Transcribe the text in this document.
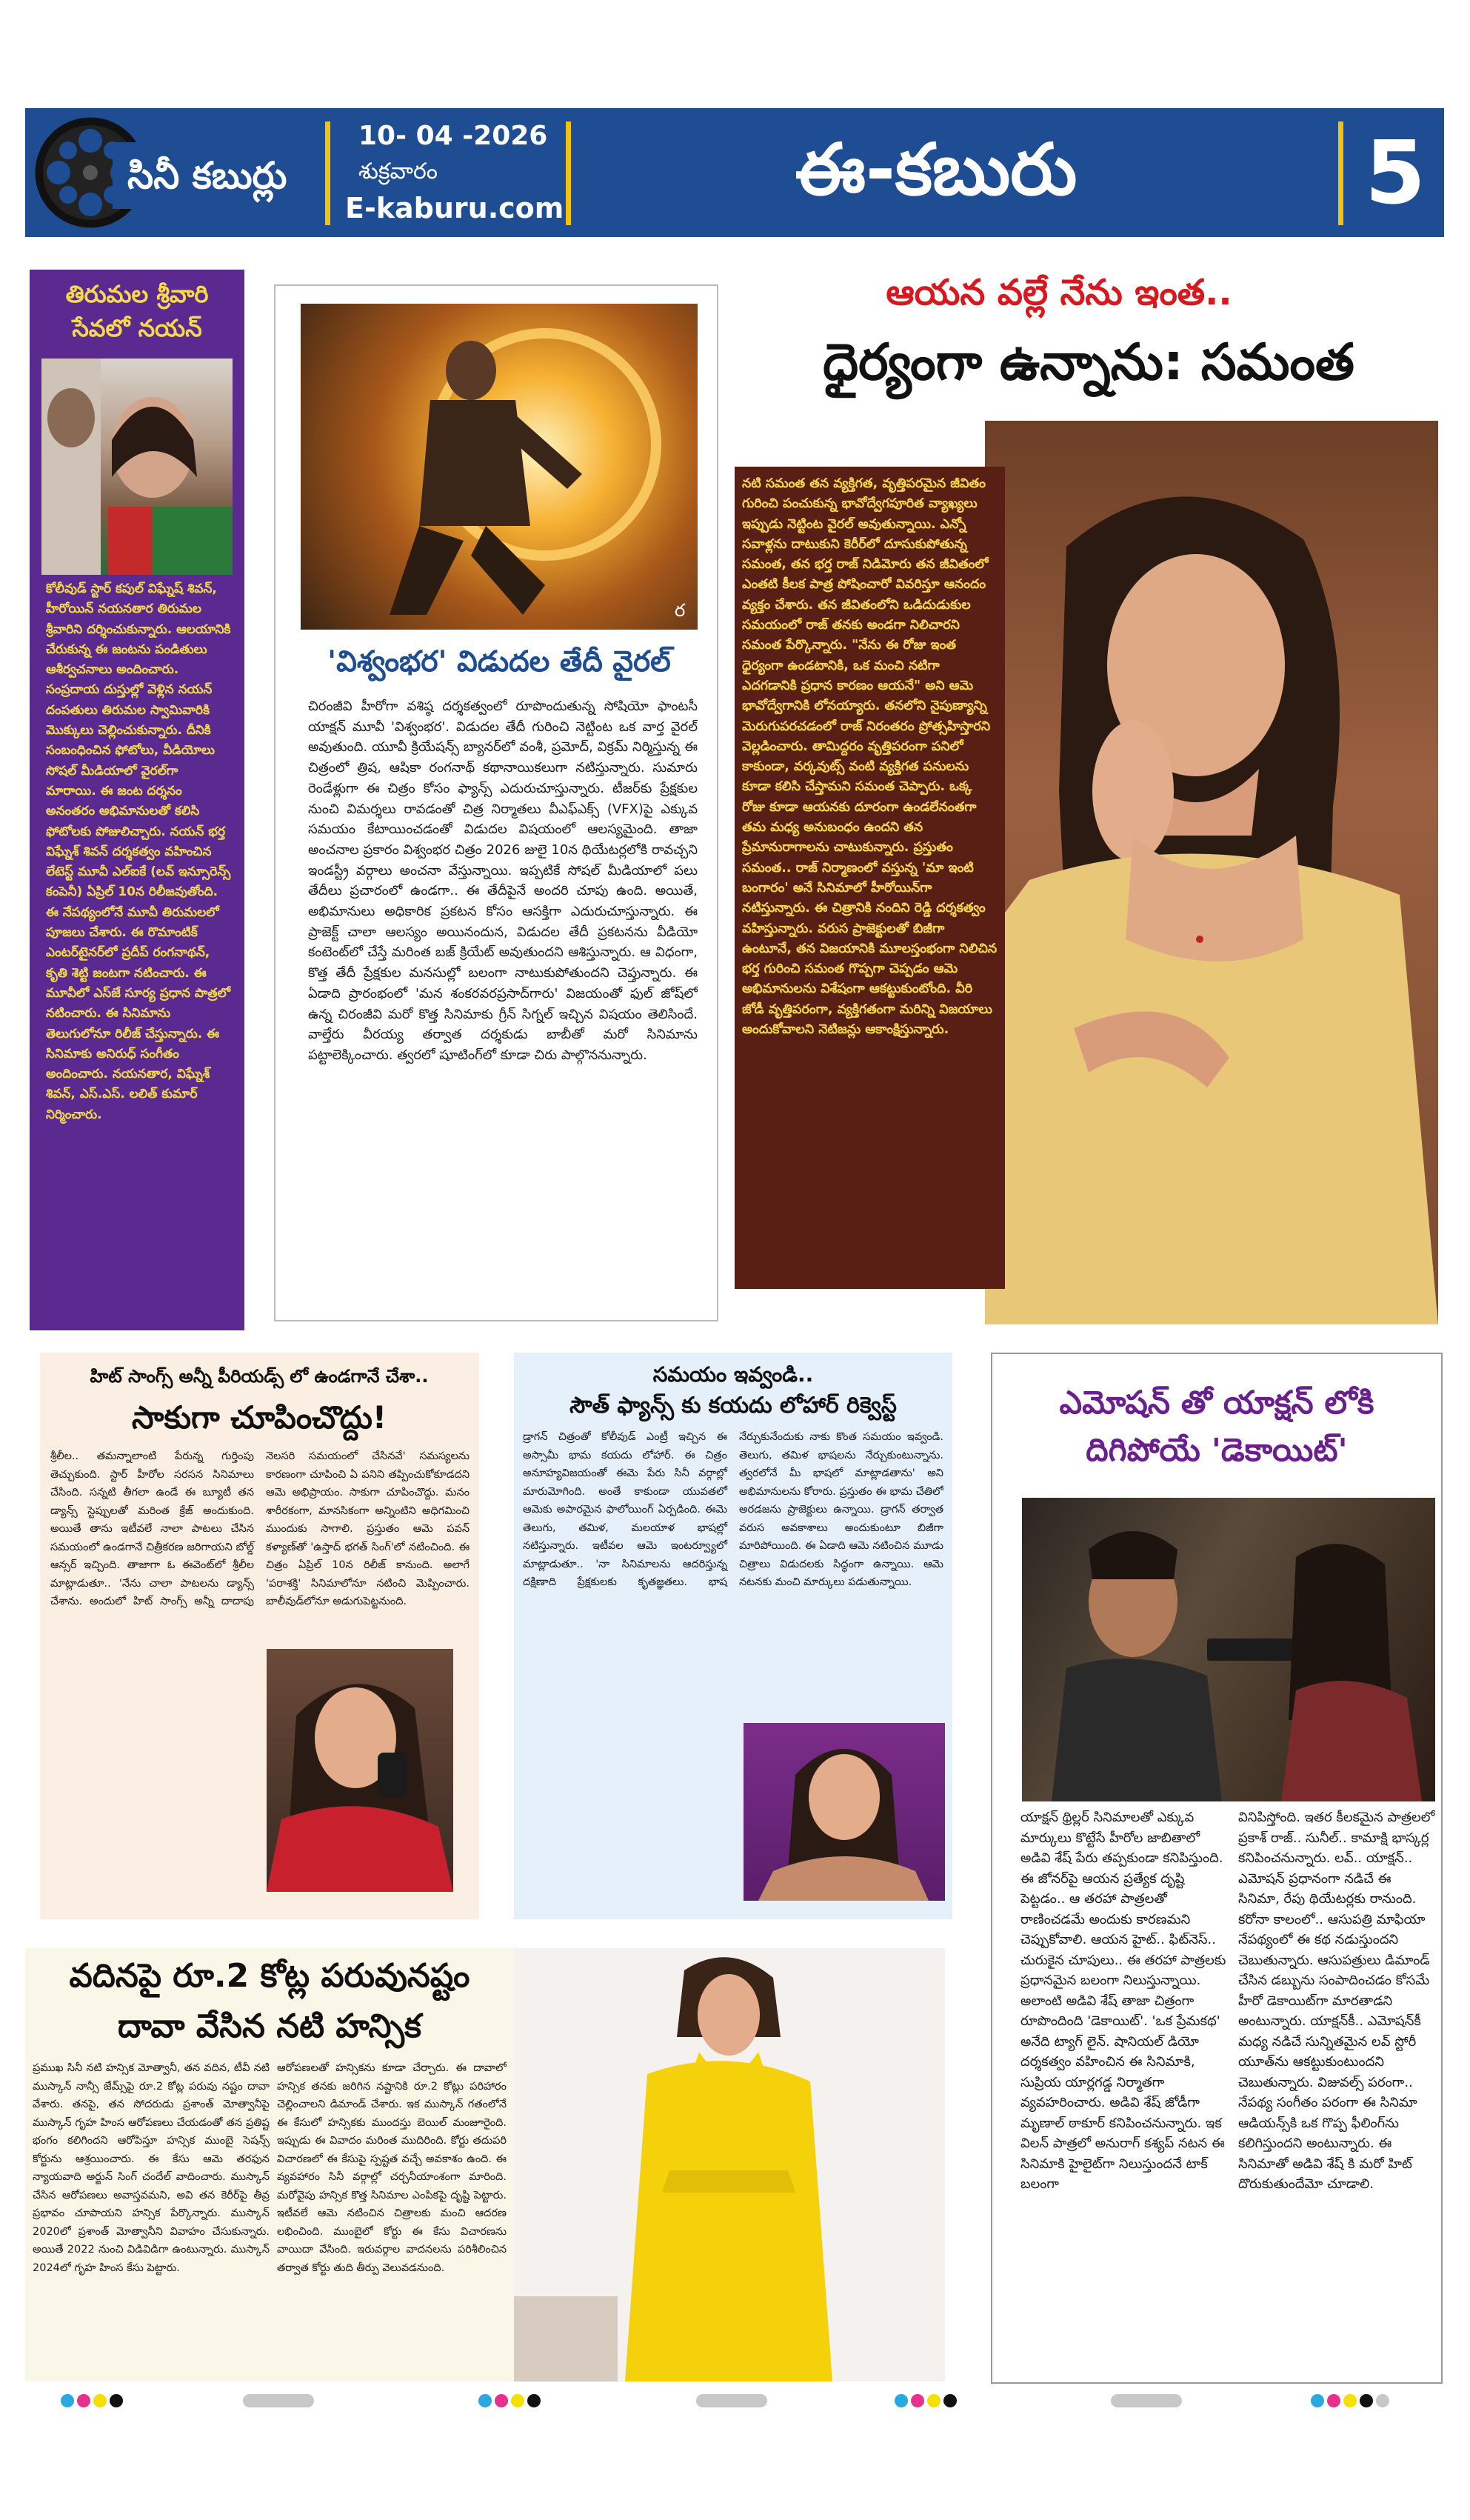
సినీ కబుర్లు
10- 04 -2026
శుక్రవారం
E-kaburu.com	ఈ-కబురు	5
తిరుమల శ్రీవారి
సేవలో నయన్

కోలీవుడ్ స్టార్ కపుల్ విఘ్నేష్ శివన్, హీరోయిన్ నయనతార తిరుమల శ్రీవారిని దర్శించుకున్నారు. ఆలయానికి చేరుకున్న ఈ జంటను పండితులు ఆశీర్వచనాలు అందించారు. సంప్రదాయ దుస్తుల్లో వెళ్లిన నయన్ దంపతులు తిరుమల స్వామివారికి మొక్కులు చెల్లించుకున్నారు. దీనికి సంబంధించిన ఫోటోలు, వీడియోలు సోషల్ మీడియాలో వైరల్‌గా మారాయి. ఈ జంట దర్శనం అనంతరం అభిమానులతో కలిసి ఫోటోలకు పోజులిచ్చారు. నయన్ భర్త విఘ్నేశ్ శివన్ దర్శకత్వం వహించిన లేటెస్ట్ మూవీ ఎల్ఐకే (లవ్ ఇన్సూరెన్స్ కంపెనీ) ఏప్రిల్ 10న రిలీజవుతోంది. ఈ నేపథ్యంలోనే మూవీ తిరుమలలో పూజలు చేశారు. ఈ రొమాంటిక్ ఎంటర్‌టైనర్‌లో ప్రదీప్ రంగనాథన్, కృతి శెట్టి జంటగా నటించారు. ఈ మూవీలో ఎస్‌జే సూర్య ప్రధాన పాత్రలో నటించారు. ఈ సినిమాను తెలుగులోనూ రిలీజ్ చేస్తున్నారు. ఈ సినిమాకు అనిరుధ్ సంగీతం అందించారు. నయనతార, విఘ్నేశ్ శివన్, ఎస్.ఎస్. లలిత్ కుమార్ నిర్మించారు.

ర
'విశ్వంభర' విడుదల తేదీ వైరల్

చిరంజీవి హీరోగా వశిష్ఠ దర్శకత్వంలో రూపొందుతున్న సోషియో ఫాంటసీ యాక్షన్ మూవీ 'విశ్వంభర'. విడుదల తేదీ గురించి నెట్టింట ఒక వార్త వైరల్ అవుతుంది. యూవీ క్రియేషన్స్ బ్యానర్‌లో వంశీ, ప్రమోద్, విక్రమ్ నిర్మిస్తున్న ఈ చిత్రంలో త్రిష, ఆషికా రంగనాథ్ కథానాయికలుగా నటిస్తున్నారు. సుమారు రెండేళ్లుగా ఈ చిత్రం కోసం ఫ్యాన్స్ ఎదురుచూస్తున్నారు. టీజర్‌కు ప్రేక్షకుల నుంచి విమర్శలు రావడంతో చిత్ర నిర్మాతలు వీఎఫ్ఎక్స్ (VFX)పై ఎక్కువ సమయం కేటాయించడంతో విడుదల విషయంలో ఆలస్యమైంది. తాజా అంచనాల ప్రకారం విశ్వంభర చిత్రం 2026 జులై 10న థియేటర్లలోకి రావచ్చని ఇండస్ట్రీ వర్గాలు అంచనా వేస్తున్నాయి. ఇప్పటికే సోషల్ మీడియాలో పలు తేదీలు ప్రచారంలో ఉండగా.. ఈ తేదీపైనే అందరి చూపు ఉంది. అయితే, అభిమానులు అధికారిక ప్రకటన కోసం ఆసక్తిగా ఎదురుచూస్తున్నారు. ఈ ప్రాజెక్ట్ చాలా ఆలస్యం అయినందున, విడుదల తేదీ ప్రకటనను వీడియో కంటెంట్‌లో చేస్తే మరింత బజ్ క్రియేట్ అవుతుందని ఆశిస్తున్నారు. ఆ విధంగా, కొత్త తేదీ ప్రేక్షకుల మనసుల్లో బలంగా నాటుకుపోతుందని చెప్తున్నారు. ఈ ఏడాది ప్రారంభంలో 'మన శంకరవరప్రసాద్‌గారు' విజయంతో ఫుల్ జోష్‌లో ఉన్న చిరంజీవి మరో కొత్త సినిమాకు గ్రీన్ సిగ్నల్ ఇచ్చిన విషయం తెలిసిందే. వాల్తేరు వీరయ్య తర్వాత దర్శకుడు బాబీతో మరో సినిమాను పట్టాలెక్కించారు. త్వరలో షూటింగ్‌లో కూడా చిరు పాల్గొననున్నారు.

ఆయన వల్లే నేను ఇంత..
ధైర్యంగా ఉన్నాను: సమంత

నటి సమంత తన వ్యక్తిగత, వృత్తిపరమైన జీవితం గురించి పంచుకున్న భావోద్వేగపూరిత వ్యాఖ్యలు ఇప్పుడు నెట్టింట వైరల్ అవుతున్నాయి. ఎన్నో సవాళ్లను దాటుకుని కెరీర్‌లో దూసుకుపోతున్న సమంత, తన భర్త రాజ్ నిడిమోరు తన జీవితంలో ఎంతటి కీలక పాత్ర పోషించారో వివరిస్తూ ఆనందం వ్యక్తం చేశారు. తన జీవితంలోని ఒడిదుడుకుల సమయంలో రాజ్ తనకు అండగా నిలిచారని సమంత పేర్కొన్నారు. "నేను ఈ రోజు ఇంత ధైర్యంగా ఉండటానికి, ఒక మంచి నటిగా ఎదగడానికి ప్రధాన కారణం ఆయనే" అని ఆమె భావోద్వేగానికి లోనయ్యారు. తనలోని నైపుణ్యాన్ని మెరుగుపరచడంలో రాజ్ నిరంతరం ప్రోత్సహిస్తారని వెల్లడించారు. తామిద్దరం వృత్తిపరంగా పనిలో కాకుండా, వర్కవుట్స్ వంటి వ్యక్తిగత పనులను కూడా కలిసి చేస్తామని సమంత చెప్పారు. ఒక్క రోజు కూడా ఆయనకు దూరంగా ఉండలేనంతగా తమ మధ్య అనుబంధం ఉందని తన ప్రేమానురాగాలను చాటుకున్నారు. ప్రస్తుతం సమంత.. రాజ్ నిర్మాణంలో వస్తున్న 'మా ఇంటి బంగారం' అనే సినిమాలో హీరోయిన్‌గా నటిస్తున్నారు. ఈ చిత్రానికి నందిని రెడ్డి దర్శకత్వం వహిస్తున్నారు. వరుస ప్రాజెక్టులతో బిజీగా ఉంటూనే, తన విజయానికి మూలస్తంభంగా నిలిచిన భర్త గురించి సమంత గొప్పగా చెప్పడం ఆమె అభిమానులను విశేషంగా ఆకట్టుకుంటోంది. వీరి జోడీ వృత్తిపరంగా, వ్యక్తిగతంగా మరిన్ని విజయాలు అందుకోవాలని నెటిజన్లు ఆకాంక్షిస్తున్నారు.

హిట్ సాంగ్స్ అన్నీ పీరియడ్స్ లో ఉండగానే చేశా..
సాకుగా చూపించొద్దు!

శ్రీలీల.. తమన్నాలాంటి పేరున్న గుర్తింపు తెచ్చుకుంది. స్టార్ హీరోల సరసన సినిమాలు చేసింది. సన్నటి తీగలా ఉండే ఈ బ్యూటీ తన డ్యాన్స్ స్టెప్పులతో మరింత క్రేజ్ అందుకుంది. అయితే తాను ఇటీవలే నాలా పాటలు చేసిన సమయంలో ఉండగానే చిత్రీకరణ జరిగాయని బోల్డ్ ఆన్సర్ ఇచ్చింది. తాజాగా ఓ ఈవెంట్‌లో శ్రీలీల మాట్లాడుతూ.. 'నేను చాలా పాటలను డ్యాన్స్ చేశాను. అందులో హిట్ సాంగ్స్ అన్నీ దాదాపు నెలసరి సమయంలో చేసినవే' సమస్యలను కారణంగా చూపించి ఏ పనిని తప్పించుకోకూడదని ఆమె అభిప్రాయం. సాకుగా చూపించొద్దు. మనం శారీరకంగా, మానసికంగా అన్నింటిని అధిగమించి ముందుకు సాగాలి. ప్రస్తుతం ఆమె పవన్ కళ్యాణ్‌తో 'ఉస్తాద్ భగత్ సింగ్'లో నటించింది. ఈ చిత్రం ఏప్రిల్ 10న రిలీజ్ కానుంది. అలాగే 'పరాశక్తి' సినిమాలోనూ నటించి మెప్పించారు. బాలీవుడ్‌లోనూ అడుగుపెట్టనుంది.

సమయం ఇవ్వండి..
సౌత్ ఫ్యాన్స్ కు కయదు లోహార్ రిక్వెస్ట్

డ్రాగన్ చిత్రంతో కోలీవుడ్ ఎంట్రీ ఇచ్చిన ఈ అస్సామీ భామ కయదు లోహార్. ఈ చిత్రం అనూహ్యవిజయంతో ఈమె పేరు సినీ వర్గాల్లో మారుమోగింది. అంతే కాకుండా యువతలో ఆమెకు అపారమైన ఫాలోయింగ్ ఏర్పడింది. ఈమె తెలుగు, తమిళ, మలయాళ భాషల్లో నటిస్తున్నారు. ఇటీవల ఆమె ఇంటర్వ్యూలో మాట్లాడుతూ.. 'నా సినిమాలను ఆదరిస్తున్న దక్షిణాది ప్రేక్షకులకు కృతజ్ఞతలు. భాష నేర్చుకునేందుకు నాకు కొంత సమయం ఇవ్వండి. తెలుగు, తమిళ భాషలను నేర్చుకుంటున్నాను. త్వరలోనే మీ భాషలో మాట్లాడతాను' అని అభిమానులను కోరారు. ప్రస్తుతం ఈ భామ చేతిలో అరడజను ప్రాజెక్టులు ఉన్నాయి. డ్రాగన్ తర్వాత వరుస అవకాశాలు అందుకుంటూ బిజీగా మారిపోయింది. ఈ ఏడాది ఆమె నటించిన మూడు చిత్రాలు విడుదలకు సిద్ధంగా ఉన్నాయి. ఆమె నటనకు మంచి మార్కులు పడుతున్నాయి.

ఎమోషన్ తో యాక్షన్ లోకి
దిగిపోయే 'డెకాయిట్'

యాక్షన్ థ్రిల్లర్ సినిమాలతో ఎక్కువ మార్కులు కొట్టేసే హీరోల జాబితాలో అడివి శేష్ పేరు తప్పకుండా కనిపిస్తుంది. ఈ జోనర్‌పై ఆయన ప్రత్యేక దృష్టి పెట్టడం.. ఆ తరహా పాత్రలతో రాణించడమే అందుకు కారణమని చెప్పుకోవాలి. ఆయన హైట్.. ఫిట్‌నెస్.. చురుకైన చూపులు.. ఈ తరహా పాత్రలకు ప్రధానమైన బలంగా నిలుస్తున్నాయి. అలాంటి అడివి శేష్ తాజా చిత్రంగా రూపొందింది 'డెకాయిట్'. 'ఒక ప్రేమకథ' అనేది ట్యాగ్ లైన్. షానియల్ డియో దర్శకత్వం వహించిన ఈ సినిమాకి, సుప్రియ యార్లగడ్డ నిర్మాతగా వ్యవహరించారు. అడివి శేష్ జోడీగా మృణాల్ ఠాకూర్ కనిపించనున్నారు. ఇక విలన్ పాత్రలో అనురాగ్ కశ్యప్ నటన ఈ సినిమాకి హైలైట్‌గా నిలుస్తుందనే టాక్ బలంగా

వినిపిస్తోంది. ఇతర కీలకమైన పాత్రలలో ప్రకాశ్ రాజ్.. సునీల్.. కామాక్షి భాస్కర్ల కనిపించనున్నారు. లవ్.. యాక్షన్.. ఎమోషన్ ప్రధానంగా నడిచే ఈ సినిమా, రేపు థియేటర్లకు రానుంది. కరోనా కాలంలో.. ఆసుపత్రి మాఫియా నేపథ్యంలో ఈ కథ నడుస్తుందని చెబుతున్నారు. ఆసుపత్రులు డిమాండ్ చేసిన డబ్బును సంపాదించడం కోసమే హీరో డెకాయిట్‌గా మారతాడని అంటున్నారు. యాక్షన్‌కీ.. ఎమోషన్‌కీ మధ్య నడిచే సున్నితమైన లవ్ స్టోరీ యూత్‌ను ఆకట్టుకుంటుందని చెబుతున్నారు. విజువల్స్ పరంగా.. నేపథ్య సంగీతం పరంగా ఈ సినిమా ఆడియన్స్‌కి ఒక గొప్ప ఫీలింగ్‌ను కలిగిస్తుందని అంటున్నారు. ఈ సినిమాతో అడివి శేష్ కి మరో హిట్ దొరుకుతుందేమో చూడాలి.

వదినపై రూ.2 కోట్ల పరువునష్టం
దావా వేసిన నటి హన్సిక

ప్రముఖ సినీ నటి హన్సిక మోత్వానీ, తన వదిన, టీవీ నటి ముస్కాన్ నాన్సీ జేమ్స్‌పై రూ.2 కోట్ల పరువు నష్టం దావా వేశారు. తనపై, తన సోదరుడు ప్రశాంత్ మోత్వానీపై ముస్కాన్ గృహ హింస ఆరోపణలు చేయడంతో తన ప్రతిష్ట భంగం కలిగిందని ఆరోపిస్తూ హన్సిక ముంబై సెషన్స్ కోర్టును ఆశ్రయించారు. ఈ కేసు ఆమె తరఫున న్యాయవాది అర్జున్ సింగ్ చందేల్ వాదించారు. ముస్కాన్ చేసిన ఆరోపణలు అవాస్తవమని, అవి తన కెరీర్‌పై తీవ్ర ప్రభావం చూపాయని హన్సిక పేర్కొన్నారు. ముస్కాన్ 2020లో ప్రశాంత్ మోత్వానీని వివాహం చేసుకున్నారు. అయితే 2022 నుంచి విడివిడిగా ఉంటున్నారు. ముస్కాన్ 2024లో గృహ హింస కేసు పెట్టారు.

ఆరోపణలతో హన్సికను కూడా చేర్చారు. ఈ దావాలో హన్సిక తనకు జరిగిన నష్టానికి రూ.2 కోట్లు పరిహారం చెల్లించాలని డిమాండ్ చేశారు. ఇక ముస్కాన్ గతంలోనే ఈ కేసులో హన్సికకు ముందస్తు బెయిల్ మంజూరైంది. ఇప్పుడు ఈ వివాదం మరింత ముదిరింది. కోర్టు తదుపరి విచారణలో ఈ కేసుపై స్పష్టత వచ్చే అవకాశం ఉంది. ఈ వ్యవహారం సినీ వర్గాల్లో చర్చనీయాంశంగా మారింది. మరోవైపు హన్సిక కొత్త సినిమాల ఎంపికపై దృష్టి పెట్టారు. ఇటీవలే ఆమె నటించిన చిత్రాలకు మంచి ఆదరణ లభించింది. ముంబైలో కోర్టు ఈ కేసు విచారణను వాయిదా వేసింది. ఇరువర్గాల వాదనలను పరిశీలించిన తర్వాత కోర్టు తుది తీర్పు వెలువడనుంది.
